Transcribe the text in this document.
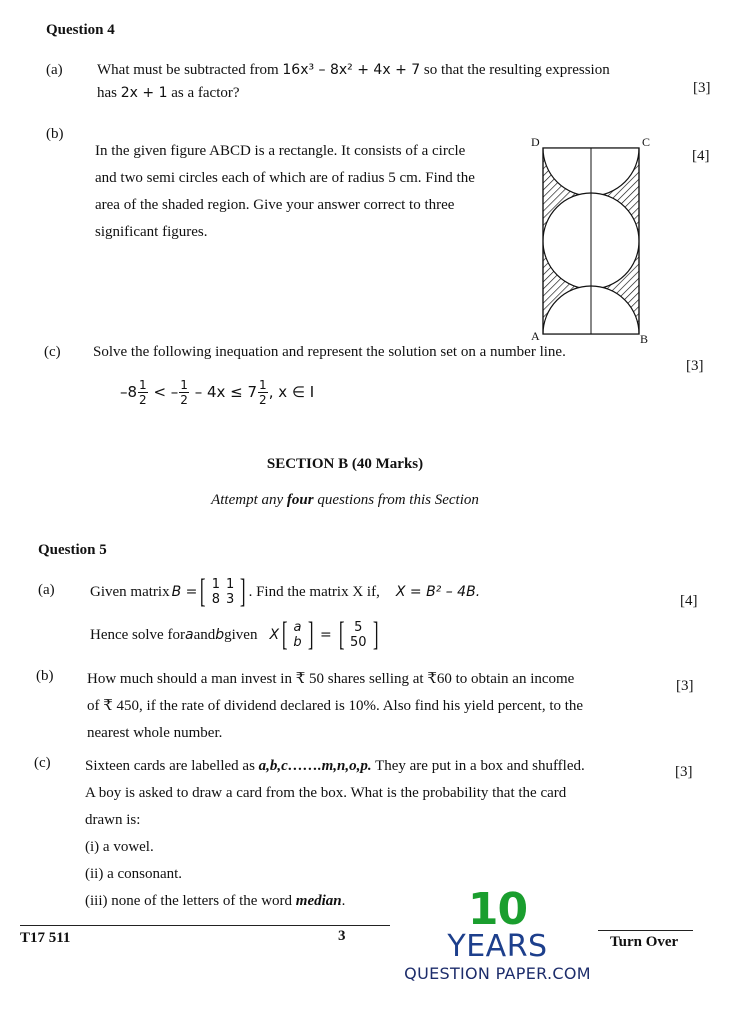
Question 4
(a) What must be subtracted from 16x³ – 8x² + 4x + 7 so that the resulting expression
has 2x + 1 as a factor?	[3]
(b)
In the given figure ABCD is a rectangle. It consists of a circle
and two semi circles each of which are of radius 5 cm. Find the
area of the shaded region. Give your answer correct to three
significant figures.
[4]
D	C
A	B
(c) Solve the following inequation and represent the solution set on a number line.
[3]
$-8 \frac{1}{2}$ < – $\frac{1}{2} - 4x \le 7 \frac{1}{2}$ , x ∈ I
SECTION B (40 Marks)
Attempt any four questions from this Section
Question 5
(a) Given matrix B = [ 1
8
1
3 ] . Find the matrix X if, X = B² – 4B.
[4]
Hence solve for a and b given X [ a
b ] = [ 5
50 ]
(b) How much should a man invest in ₹ 50 shares selling at ₹60 to obtain an income
of ₹ 450, if the rate of dividend declared is 10%. Also find his yield percent, to the
nearest whole number.
[3]
(c) Sixteen cards are labelled as a,b,c…….m,n,o,p. They are put in a box and shuffled.
A boy is asked to draw a card from the box. What is the probability that the card
drawn is:
(i) a vowel.
(ii) a consonant.
(iii) none of the letters of the word median.
[3]
T17 511	3	Turn Over
10
YEARS
QUESTION PAPER.COM
